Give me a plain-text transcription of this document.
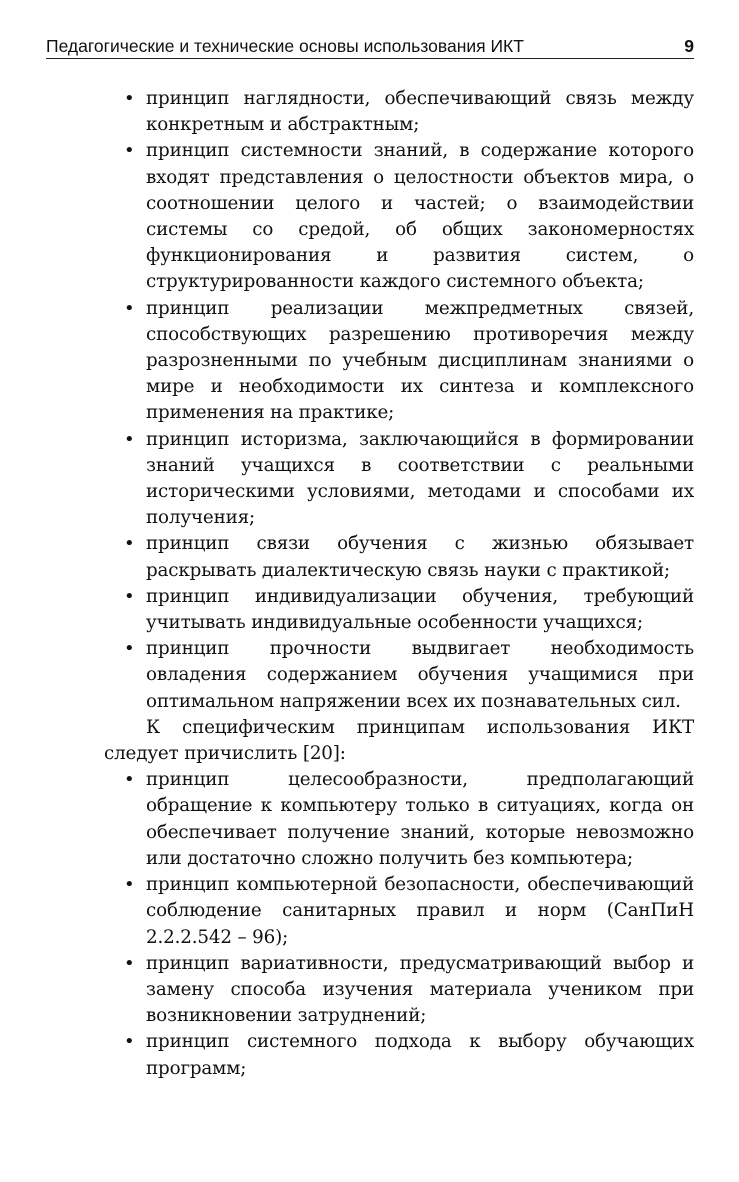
Педагогические и технические основы использования ИКТ	9
• принцип наглядности, обеспечивающий связь между конкретным и абстрактным;
• принцип системности знаний, в содержание которого входят представления о целостности объектов мира, о соотношении целого и частей; о взаимодействии системы со средой, об общих закономерностях функционирования и развития систем, о структурированности каждого системного объекта;
• принцип реализации межпредметных связей, способствующих разрешению противоречия между разрозненными по учебным дисциплинам знаниями о мире и необходимости их синтеза и комплексного применения на практике;
• принцип историзма, заключающийся в формировании знаний учащихся в соответствии с реальными историческими условиями, методами и способами их получения;
• принцип связи обучения с жизнью обязывает раскрывать диалектическую связь науки с практикой;
• принцип индивидуализации обучения, требующий учитывать индивидуальные особенности учащихся;
• принцип прочности выдвигает необходимость овладения содержанием обучения учащимися при оптимальном напряжении всех их познавательных сил.

К специфическим принципам использования ИКТ следует причислить [20]:

• принцип целесообразности, предполагающий обращение к компьютеру только в ситуациях, когда он обеспечивает получение знаний, которые невозможно или достаточно сложно получить без компьютера;
• принцип компьютерной безопасности, обеспечивающий соблюдение санитарных правил и норм (СанПиН 2.2.2.542 – 96);
• принцип вариативности, предусматривающий выбор и замену способа изучения материала учеником при возникновении затруднений;
• принцип системного подхода к выбору обучающих программ;
